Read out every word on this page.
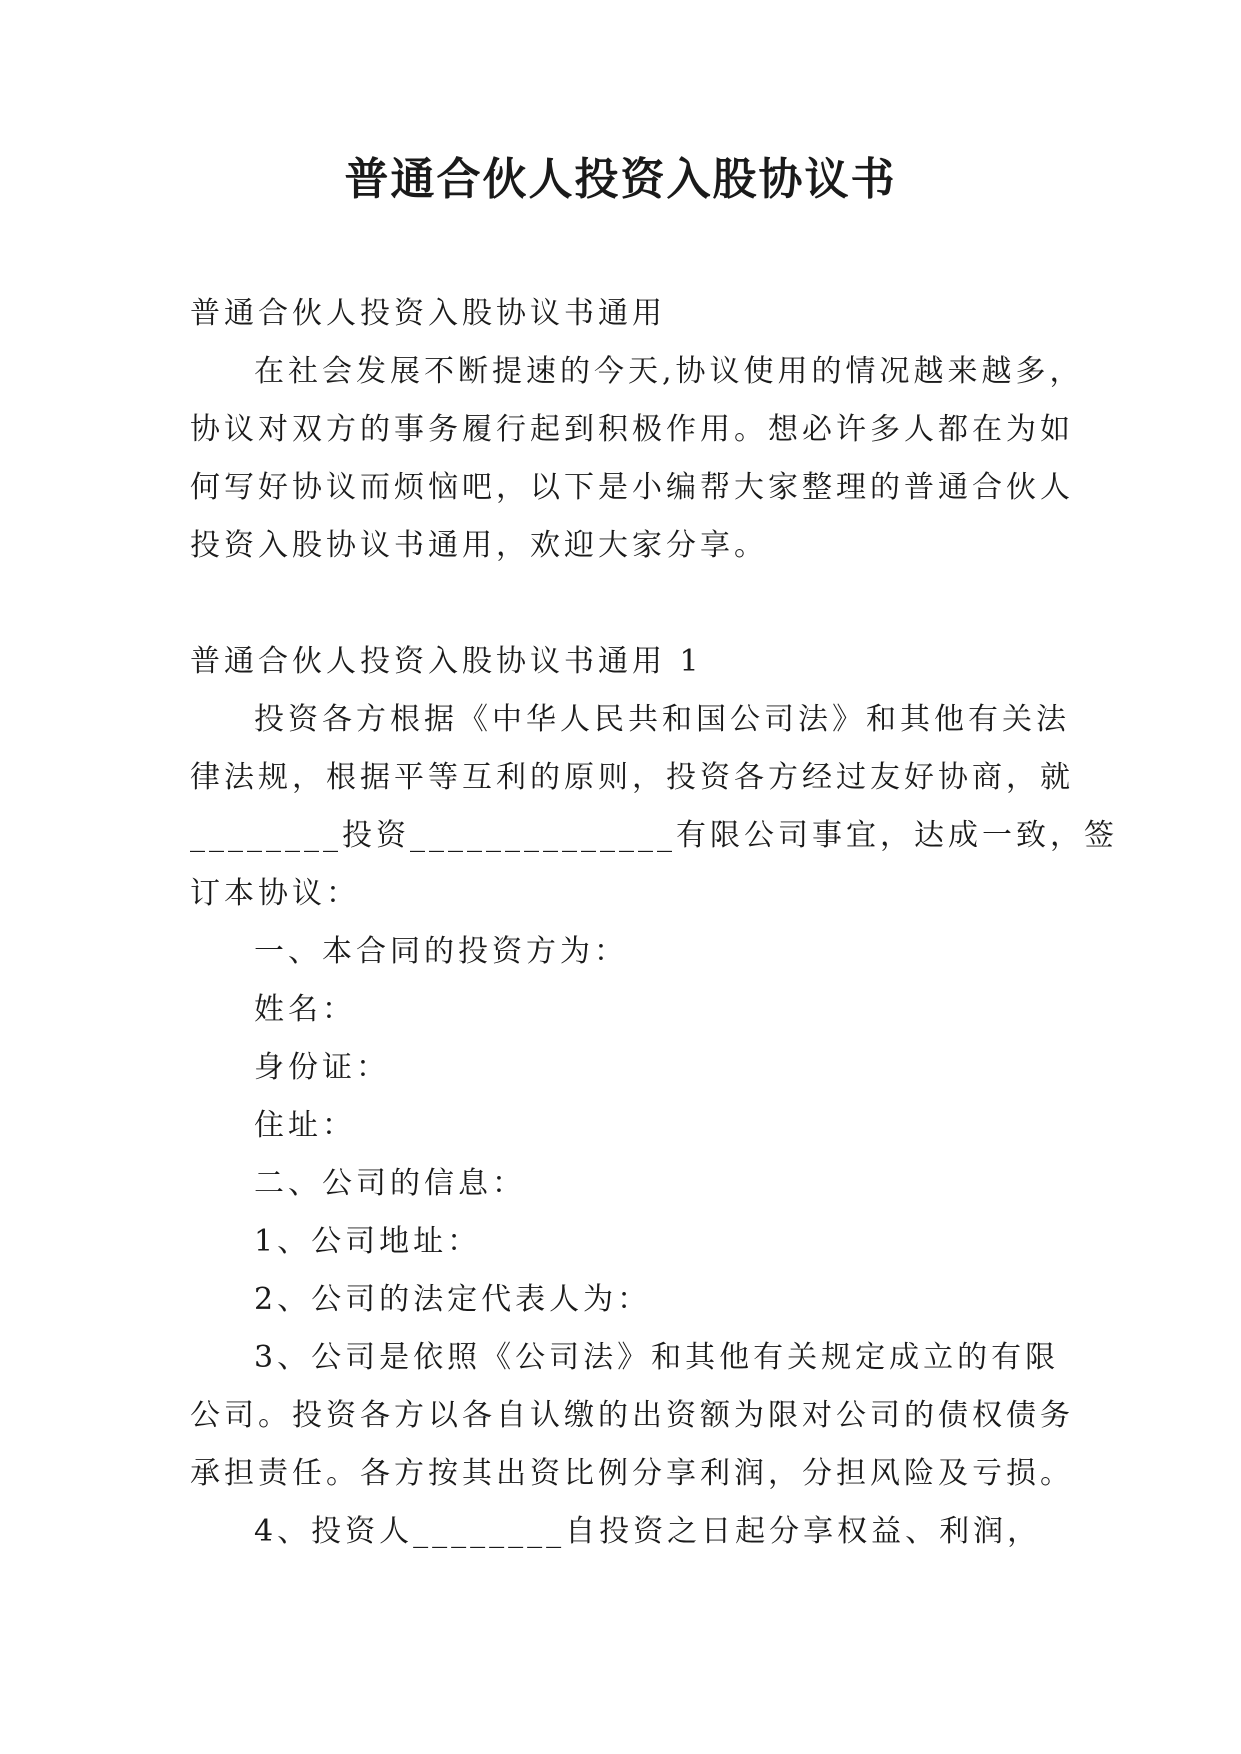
普通合伙人投资入股协议书

普通合伙人投资入股协议书通用

在社会发展不断提速的今天,协议使用的情况越来越多，

协议对双方的事务履行起到积极作用。想必许多人都在为如

何写好协议而烦恼吧，以下是小编帮大家整理的普通合伙人

投资入股协议书通用，欢迎大家分享。

普通合伙人投资入股协议书通用 1

投资各方根据《中华人民共和国公司法》和其他有关法

律法规，根据平等互利的原则，投资各方经过友好协商，就

________投资______________有限公司事宜，达成一致，签

订本协议：

一、本合同的投资方为：

姓名：

身份证：

住址：

二、公司的信息：

1、公司地址：

2、公司的法定代表人为：

3、公司是依照《公司法》和其他有关规定成立的有限

公司。投资各方以各自认缴的出资额为限对公司的债权债务

承担责任。各方按其出资比例分享利润，分担风险及亏损。

4、投资人________自投资之日起分享权益、利润，
